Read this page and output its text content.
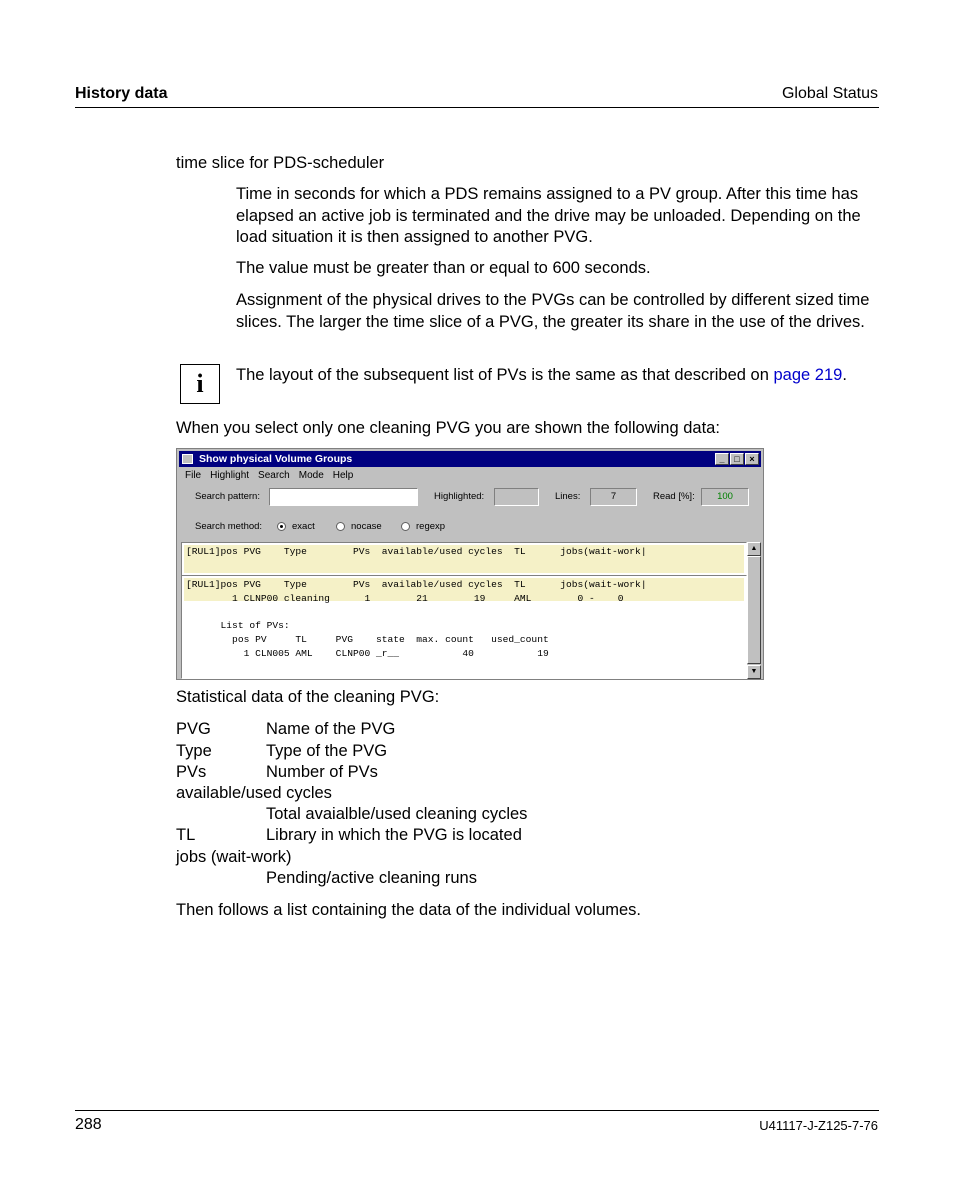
History data	Global Status
time slice for PDS-scheduler
Time in seconds for which a PDS remains assigned to a PV group. After this time has elapsed an active job is terminated and the drive may be unloaded. Depending on the load situation it is then assigned to another PVG.
The value must be greater than or equal to 600 seconds.
Assignment of the physical drives to the PVGs can be controlled by different sized time slices. The larger the time slice of a PVG, the greater its share in the use of the drives.
i	The layout of the subsequent list of PVs is the same as that described on page 219.
When you select only one cleaning PVG you are shown the following data:
Show physical Volume Groups	_	□	×
File Highlight Search Mode Help
Search pattern:	Highlighted:	Lines:	7	Read [%]:	100
Search method:	exact	nocase	regexp
[RUL1]pos PVG    Type        PVs  available/used cycles  TL      jobs(wait-work|
[RUL1]pos PVG    Type        PVs  available/used cycles  TL      jobs(wait-work|
1 CLNP00 cleaning      1        21        19     AML        0 -    0
List of PVs:
pos PV     TL     PVG    state  max. count   used_count
1 CLN005 AML    CLNP00 _r__           40           19
▲
▼
Statistical data of the cleaning PVG:
PVG	Name of the PVG
Type	Type of the PVG
PVs	Number of PVs
available/used cycles
Total avaialble/used cleaning cycles
TL	Library in which the PVG is located
jobs (wait-work)
Pending/active cleaning runs
Then follows a list containing the data of the individual volumes.
288	U41117-J-Z125-7-76
